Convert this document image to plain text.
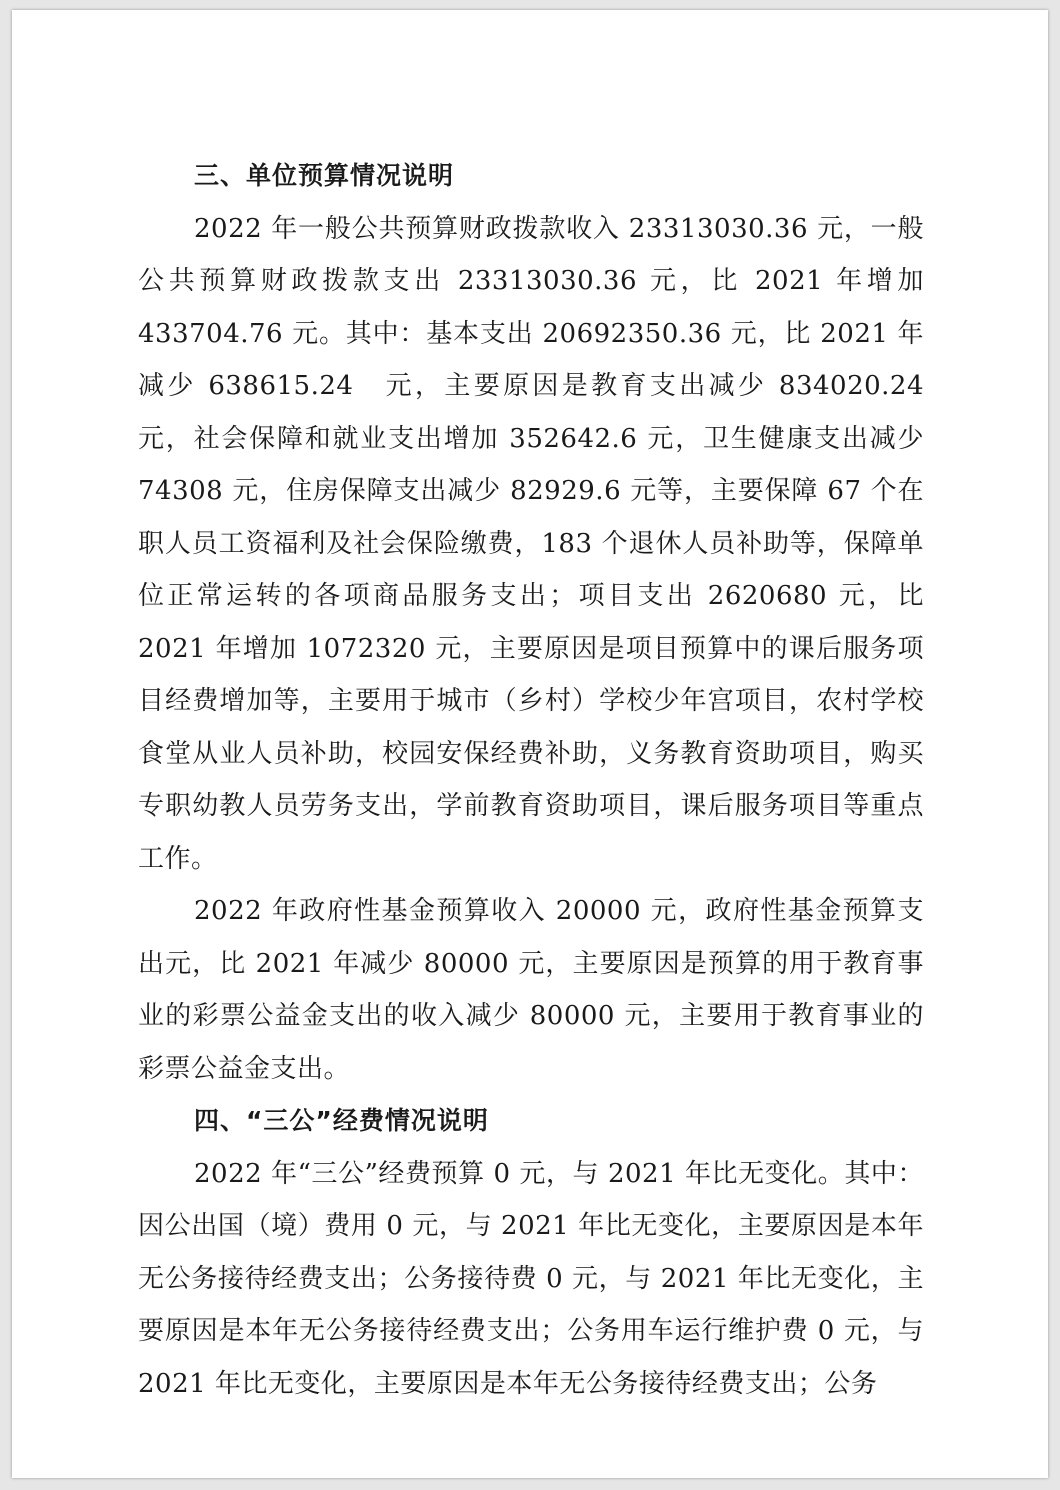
三、单位预算情况说明

2022 年一般公共预算财政拨款收入 23313030.36 元，一般公共预算财政拨款支出 23313030.36 元，比 2021 年增加 433704.76 元。其中：基本支出 20692350.36 元，比 2021 年减少 638615.24　元，主要原因是教育支出减少 834020.24 元，社会保障和就业支出增加 352642.6 元，卫生健康支出减少 74308 元，住房保障支出减少 82929.6 元等，主要保障 67 个在职人员工资福利及社会保险缴费，183 个退休人员补助等，保障单位正常运转的各项商品服务支出；项目支出 2620680 元，比 2021 年增加 1072320 元，主要原因是项目预算中的课后服务项目经费增加等，主要用于城市（乡村）学校少年宫项目，农村学校食堂从业人员补助，校园安保经费补助，义务教育资助项目，购买专职幼教人员劳务支出，学前教育资助项目，课后服务项目等重点工作。

2022 年政府性基金预算收入 20000 元，政府性基金预算支出元，比 2021 年减少 80000 元，主要原因是预算的用于教育事业的彩票公益金支出的收入减少 80000 元，主要用于教育事业的彩票公益金支出。

四、“三公”经费情况说明

2022 年“三公”经费预算 0 元，与 2021 年比无变化。其中：因公出国（境）费用 0 元，与 2021 年比无变化，主要原因是本年无公务接待经费支出；公务接待费 0 元，与 2021 年比无变化，主要原因是本年无公务接待经费支出；公务用车运行维护费 0 元，与 2021 年比无变化，主要原因是本年无公务接待经费支出；公务
